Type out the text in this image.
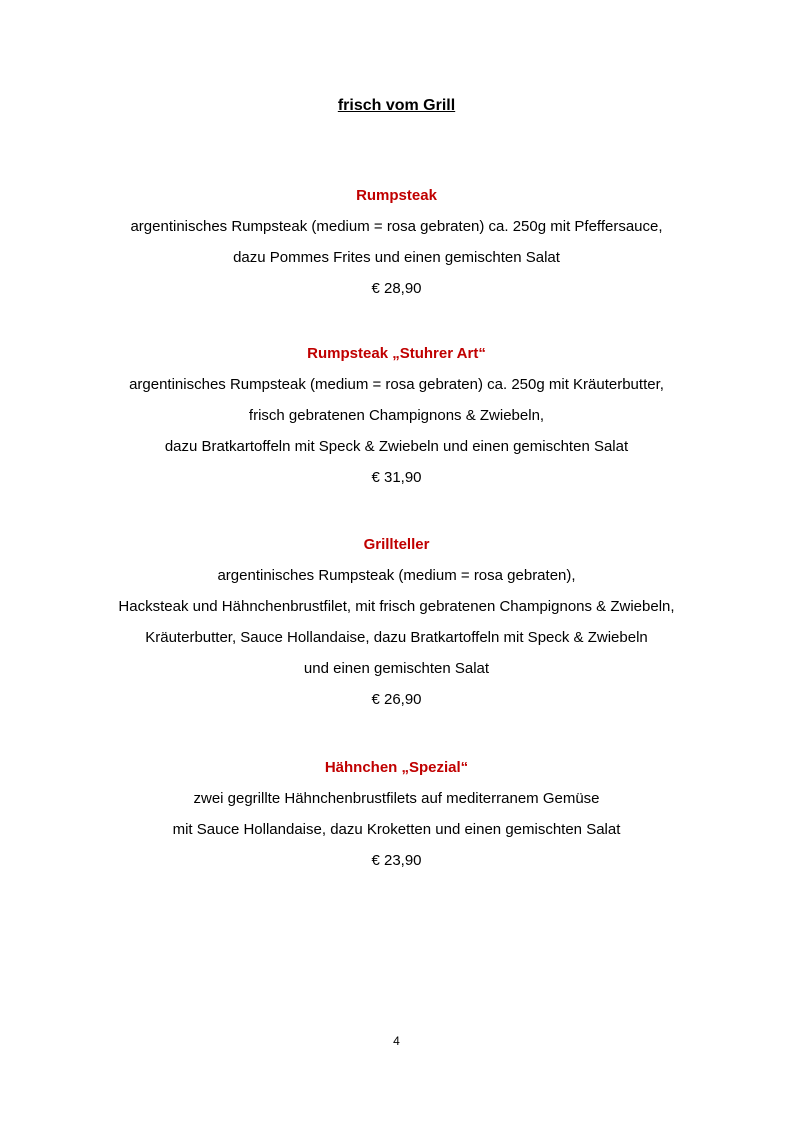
frisch vom Grill
Rumpsteak
argentinisches Rumpsteak (medium = rosa gebraten) ca. 250g mit Pfeffersauce,
dazu Pommes Frites und einen gemischten Salat
€ 28,90
Rumpsteak „Stuhrer Art“
argentinisches Rumpsteak (medium = rosa gebraten) ca. 250g mit Kräuterbutter,
frisch gebratenen Champignons & Zwiebeln,
dazu Bratkartoffeln mit Speck & Zwiebeln und einen gemischten Salat
€ 31,90
Grillteller
argentinisches Rumpsteak (medium = rosa gebraten),
Hacksteak und Hähnchenbrustfilet, mit frisch gebratenen Champignons & Zwiebeln,
Kräuterbutter, Sauce Hollandaise, dazu Bratkartoffeln mit Speck & Zwiebeln
und einen gemischten Salat
€ 26,90
Hähnchen „Spezial“
zwei gegrillte Hähnchenbrustfilets auf mediterranem Gemüse
mit Sauce Hollandaise, dazu Kroketten und einen gemischten Salat
€ 23,90
4
